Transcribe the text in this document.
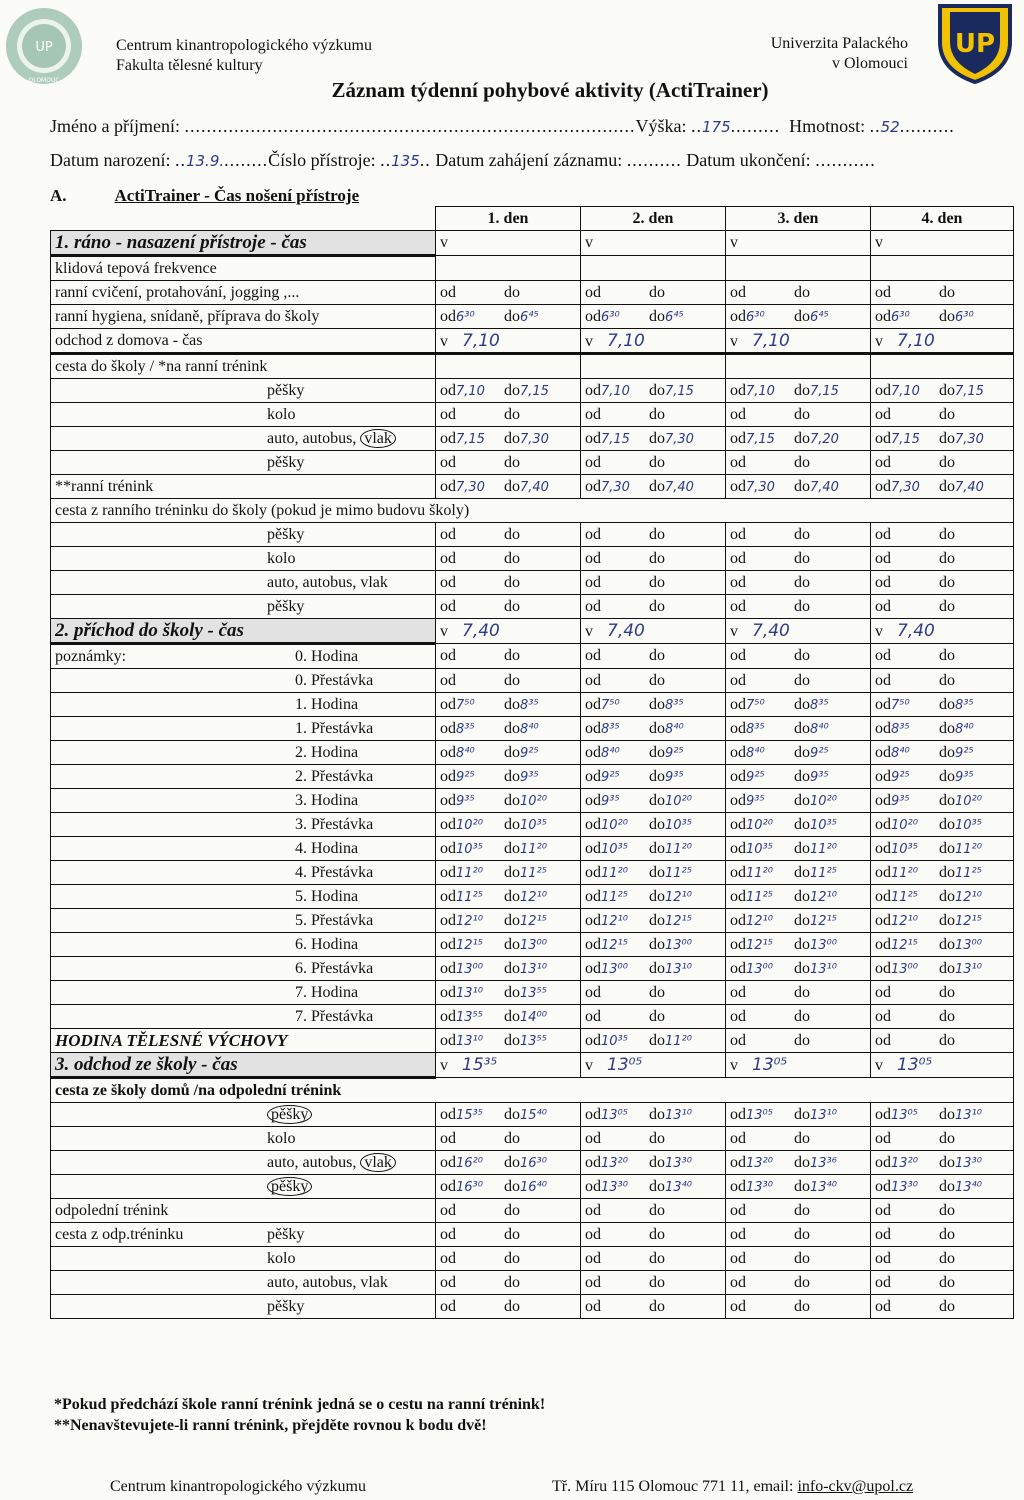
UP
OLOMOUC
UP
Centrum kinantropologického výzkumu
Fakulta tělesné kultury
Univerzita Palackého
v Olomouci
Záznam týdenní pohybové aktivity (ActiTrainer)
Jméno a příjmení: ..................................................................................Výška: ..175......... Hmotnost: ..52..........
Datum narození: ..13.9.........Číslo přístroje: ..135.. Datum zahájení záznamu: .......... Datum ukončení: ...........
A.	ActiTrainer - Čas nošení přístroje
	1. den	2. den	3. den	4. den
1. ráno - nasazení přístroje - čas	v	v	v	v
klidová tepová frekvence				
ranní cvičení, protahování, jogging ,...	od do	od do	od do	od do
ranní hygiena, snídaně, příprava do školy	od6³⁰ do6⁴⁵	od6³⁰ do6⁴⁵	od6³⁰ do6⁴⁵	od6³⁰ do6³⁰
odchod z domova - čas	v 7,10	v 7,10	v 7,10	v 7,10
cesta do školy / *na ranní trénink				
pěšky	od7,10 do7,15	od7,10 do7,15	od7,10 do7,15	od7,10 do7,15
kolo	od do	od do	od do	od do
auto, autobus, vlak	od7,15 do7,30	od7,15 do7,30	od7,15 do7,20	od7,15 do7,30
pěšky	od do	od do	od do	od do
**ranní trénink	od7,30 do7,40	od7,30 do7,40	od7,30 do7,40	od7,30 do7,40
cesta z ranního tréninku do školy (pokud je mimo budovu školy)				
pěšky	od do	od do	od do	od do
kolo	od do	od do	od do	od do
auto, autobus, vlak	od do	od do	od do	od do
pěšky	od do	od do	od do	od do
2. příchod do školy - čas	v 7,40	v 7,40	v 7,40	v 7,40
poznámky: 0. Hodina	od do	od do	od do	od do
0. Přestávka	od do	od do	od do	od do
1. Hodina	od7⁵⁰ do8³⁵	od7⁵⁰ do8³⁵	od7⁵⁰ do8³⁵	od7⁵⁰ do8³⁵
1. Přestávka	od8³⁵ do8⁴⁰	od8³⁵ do8⁴⁰	od8³⁵ do8⁴⁰	od8³⁵ do8⁴⁰
2. Hodina	od8⁴⁰ do9²⁵	od8⁴⁰ do9²⁵	od8⁴⁰ do9²⁵	od8⁴⁰ do9²⁵
2. Přestávka	od9²⁵ do9³⁵	od9²⁵ do9³⁵	od9²⁵ do9³⁵	od9²⁵ do9³⁵
3. Hodina	od9³⁵ do10²⁰	od9³⁵ do10²⁰	od9³⁵ do10²⁰	od9³⁵ do10²⁰
3. Přestávka	od10²⁰ do10³⁵	od10²⁰ do10³⁵	od10²⁰ do10³⁵	od10²⁰ do10³⁵
4. Hodina	od10³⁵ do11²⁰	od10³⁵ do11²⁰	od10³⁵ do11²⁰	od10³⁵ do11²⁰
4. Přestávka	od11²⁰ do11²⁵	od11²⁰ do11²⁵	od11²⁰ do11²⁵	od11²⁰ do11²⁵
5. Hodina	od11²⁵ do12¹⁰	od11²⁵ do12¹⁰	od11²⁵ do12¹⁰	od11²⁵ do12¹⁰
5. Přestávka	od12¹⁰ do12¹⁵	od12¹⁰ do12¹⁵	od12¹⁰ do12¹⁵	od12¹⁰ do12¹⁵
6. Hodina	od12¹⁵ do13⁰⁰	od12¹⁵ do13⁰⁰	od12¹⁵ do13⁰⁰	od12¹⁵ do13⁰⁰
6. Přestávka	od13⁰⁰ do13¹⁰	od13⁰⁰ do13¹⁰	od13⁰⁰ do13¹⁰	od13⁰⁰ do13¹⁰
7. Hodina	od13¹⁰ do13⁵⁵	od do	od do	od do
7. Přestávka	od13⁵⁵ do14⁰⁰	od do	od do	od do
HODINA TĚLESNÉ VÝCHOVY	od13¹⁰ do13⁵⁵	od10³⁵ do11²⁰	od do	od do
3. odchod ze školy - čas	v 15³⁵	v 13⁰⁵	v 13⁰⁵	v 13⁰⁵
cesta ze školy domů /na odpolední trénink				
pěšky	od15³⁵ do15⁴⁰	od13⁰⁵ do13¹⁰	od13⁰⁵ do13¹⁰	od13⁰⁵ do13¹⁰
kolo	od do	od do	od do	od do
auto, autobus, vlak	od16²⁰ do16³⁰	od13²⁰ do13³⁰	od13²⁰ do13³⁶	od13²⁰ do13³⁰
pěšky	od16³⁰ do16⁴⁰	od13³⁰ do13⁴⁰	od13³⁰ do13⁴⁰	od13³⁰ do13⁴⁰
odpolední trénink	od do	od do	od do	od do
cesta z odp.tréninku pěšky	od do	od do	od do	od do
kolo	od do	od do	od do	od do
auto, autobus, vlak	od do	od do	od do	od do
pěšky	od do	od do	od do	od do
*Pokud předchází škole ranní trénink jedná se o cestu na ranní trénink!
**Nenavštevujete-li ranní trénink, přejděte rovnou k bodu dvě!
Centrum kinantropologického výzkumu	Tř. Míru 115 Olomouc 771 11, email: info-ckv@upol.cz
